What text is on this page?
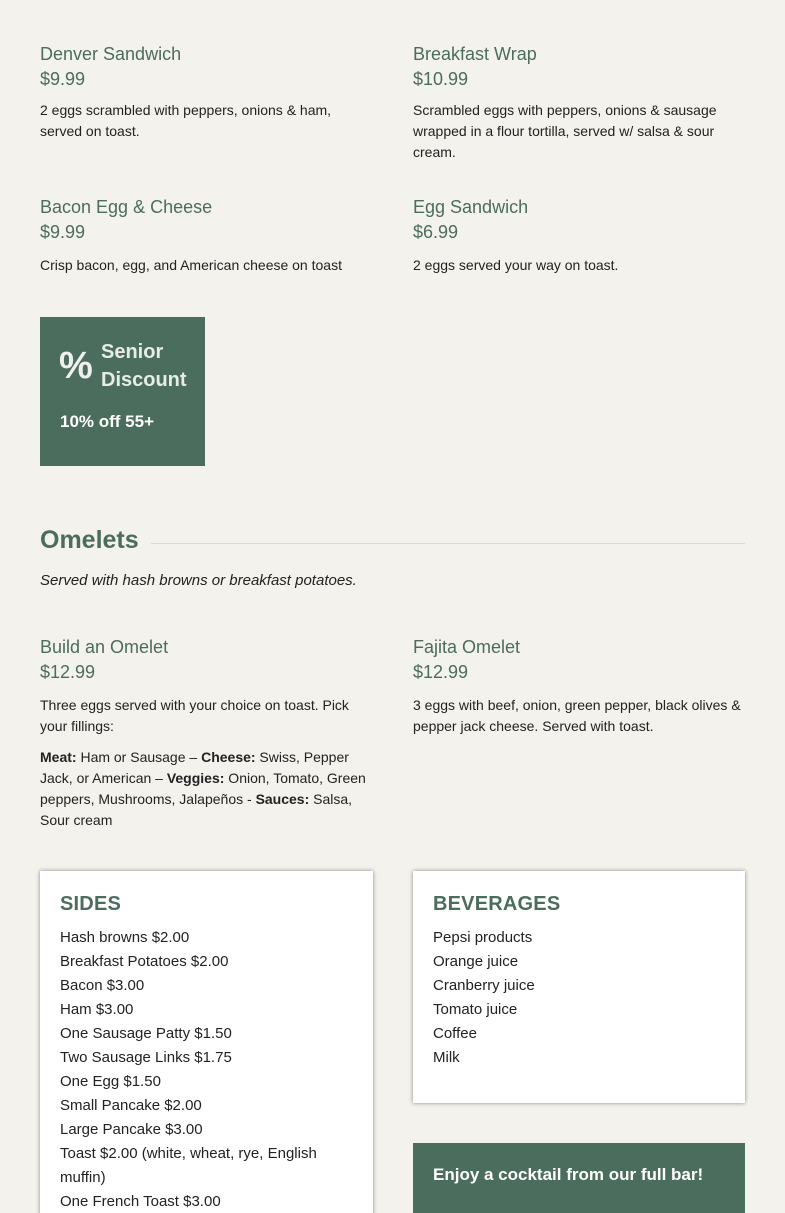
Denver Sandwich
$9.99
2 eggs scrambled with peppers, onions & ham, served on toast.
Breakfast Wrap
$10.99
Scrambled eggs with peppers, onions & sausage wrapped in a flour tortilla, served w/ salsa & sour cream.
Bacon Egg & Cheese
$9.99
Crisp bacon, egg, and American cheese on toast
Egg Sandwich
$6.99
2 eggs served your way on toast.
% Senior Discount
10% off 55+
Omelets
Served with hash browns or breakfast potatoes.
Build an Omelet
$12.99
Three eggs served with your choice on toast. Pick your fillings:
Meat: Ham or Sausage – Cheese: Swiss, Pepper Jack, or American – Veggies: Onion, Tomato, Green peppers, Mushrooms, Jalapeños - Sauces: Salsa, Sour cream
Fajita Omelet
$12.99
3 eggs with beef, onion, green pepper, black olives & pepper jack cheese. Served with toast.
SIDES
Hash browns $2.00
Breakfast Potatoes $2.00
Bacon $3.00
Ham $3.00
One Sausage Patty $1.50
Two Sausage Links $1.75
One Egg $1.50
Small Pancake $2.00
Large Pancake $3.00
Toast $2.00 (white, wheat, rye, English muffin)
One French Toast $3.00
BEVERAGES
Pepsi products
Orange juice
Cranberry juice
Tomato juice
Coffee
Milk
Enjoy a cocktail from our full bar!
